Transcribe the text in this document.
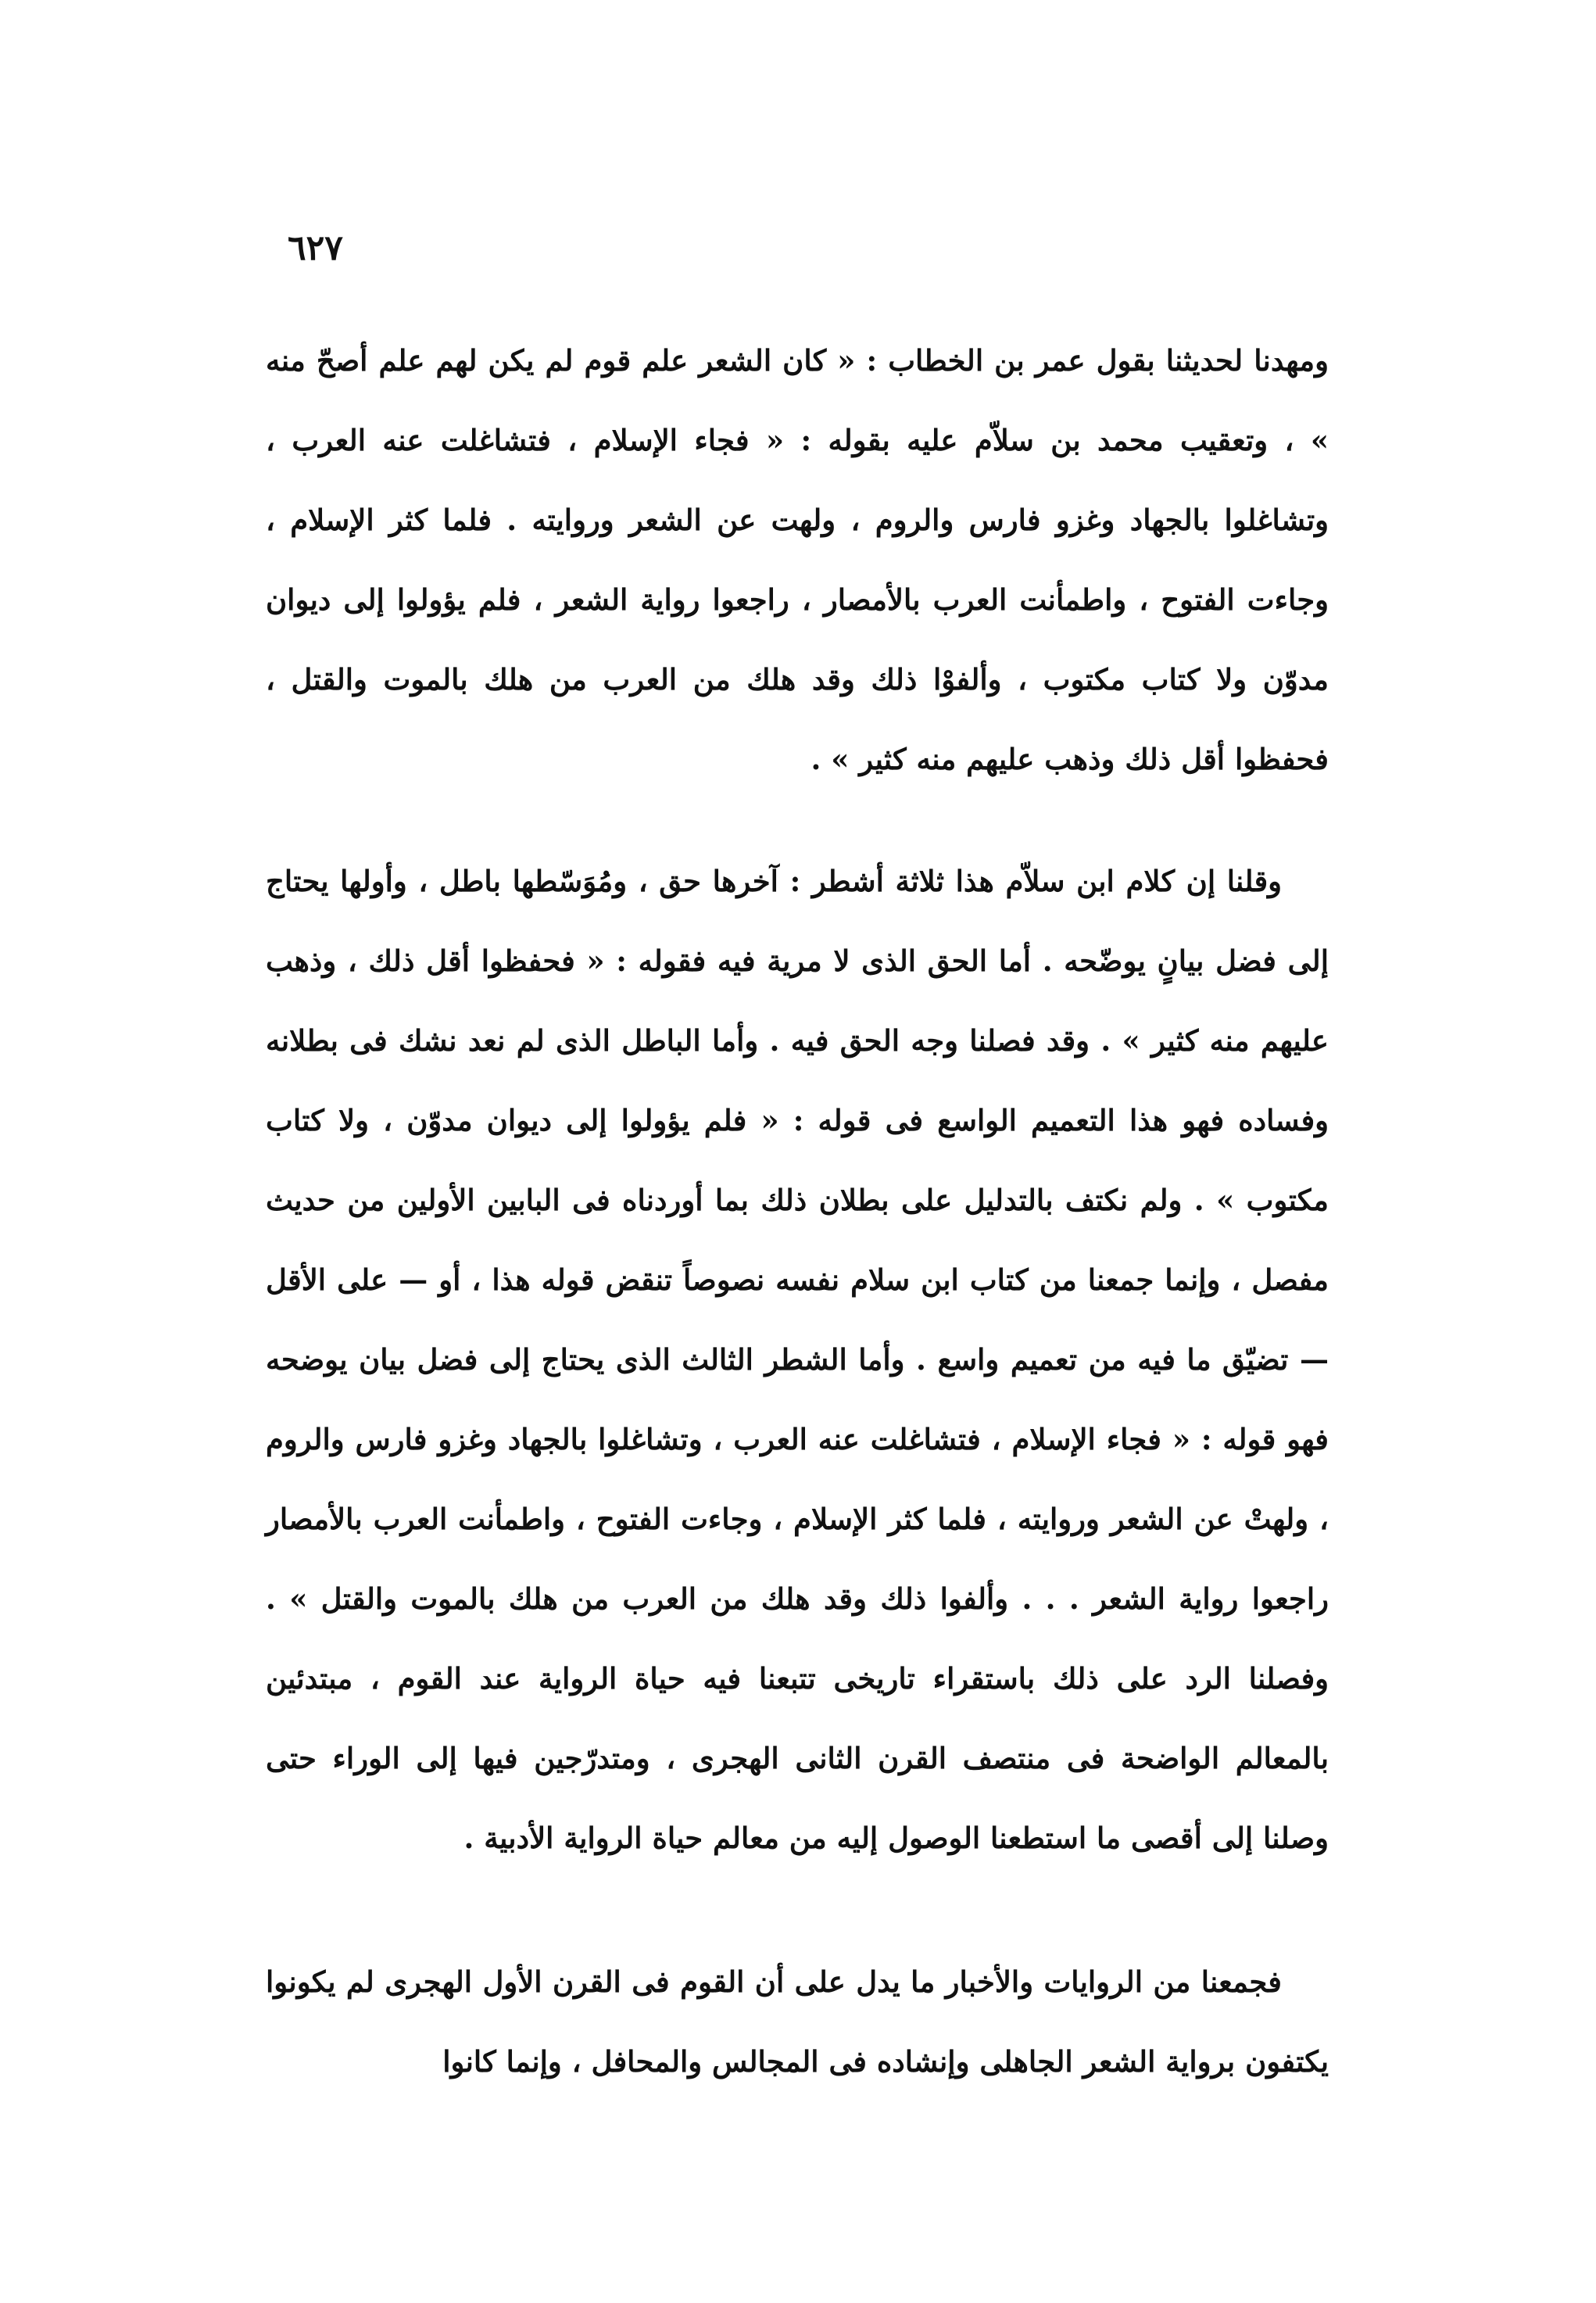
٦٢٧

ومهدنا لحديثنا بقول عمر بن الخطاب : « كان الشعر علم قوم لم يكن لهم علم أصحّ منه » ، وتعقيب محمد بن سلاّم عليه بقوله : « فجاء الإسلام ، فتشاغلت عنه العرب ، وتشاغلوا بالجهاد وغزو فارس والروم ، ولهت عن الشعر وروايته . فلما كثر الإسلام ، وجاءت الفتوح ، واطمأنت العرب بالأمصار ، راجعوا رواية الشعر ، فلم يؤولوا إلى ديوان مدوّن ولا كتاب مكتوب ، وألفوْا ذلك وقد هلك من العرب من هلك بالموت والقتل ، فحفظوا أقل ذلك وذهب عليهم منه كثير » .

وقلنا إن كلام ابن سلاّم هذا ثلاثة أشطر : آخرها حق ، ومُوَسّطها باطل ، وأولها يحتاج إلى فضل بيانٍ يوضّحه . أما الحق الذى لا مرية فيه فقوله : « فحفظوا أقل ذلك ، وذهب عليهم منه كثير » . وقد فصلنا وجه الحق فيه . وأما الباطل الذى لم نعد نشك فى بطلانه وفساده فهو هذا التعميم الواسع فى قوله : « فلم يؤولوا إلى ديوان مدوّن ، ولا كتاب مكتوب » . ولم نكتف بالتدليل على بطلان ذلك بما أوردناه فى البابين الأولين من حديث مفصل ، وإنما جمعنا من كتاب ابن سلام نفسه نصوصاً تنقض قوله هذا ، أو — على الأقل — تضيّق ما فيه من تعميم واسع . وأما الشطر الثالث الذى يحتاج إلى فضل بيان يوضحه فهو قوله : « فجاء الإسلام ، فتشاغلت عنه العرب ، وتشاغلوا بالجهاد وغزو فارس والروم ، ولهتْ عن الشعر وروايته ، فلما كثر الإسلام ، وجاءت الفتوح ، واطمأنت العرب بالأمصار راجعوا رواية الشعر . . . وألفوا ذلك وقد هلك من العرب من هلك بالموت والقتل » . وفصلنا الرد على ذلك باستقراء تاريخى تتبعنا فيه حياة الرواية عند القوم ، مبتدئين بالمعالم الواضحة فى منتصف القرن الثانى الهجرى ، ومتدرّجين فيها إلى الوراء حتى وصلنا إلى أقصى ما استطعنا الوصول إليه من معالم حياة الرواية الأدبية .

فجمعنا من الروايات والأخبار ما يدل على أن القوم فى القرن الأول الهجرى لم يكونوا يكتفون برواية الشعر الجاهلى وإنشاده فى المجالس والمحافل ، وإنما كانوا
